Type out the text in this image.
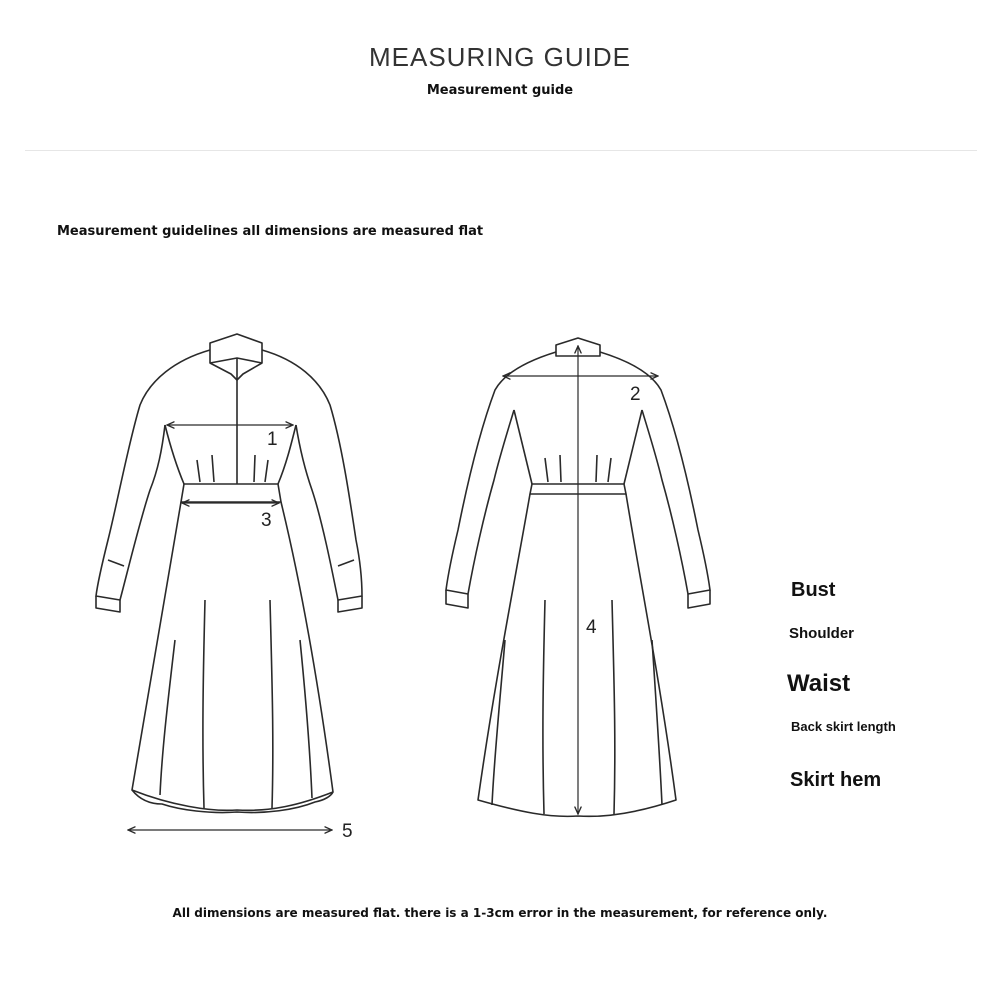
MEASURING GUIDE
Measurement guide
Measurement guidelines all dimensions are measured flat
1
3
5
2
4
Bust
Shoulder
Waist
Back skirt length
Skirt hem
All dimensions are measured flat. there is a 1-3cm error in the measurement, for reference only.
